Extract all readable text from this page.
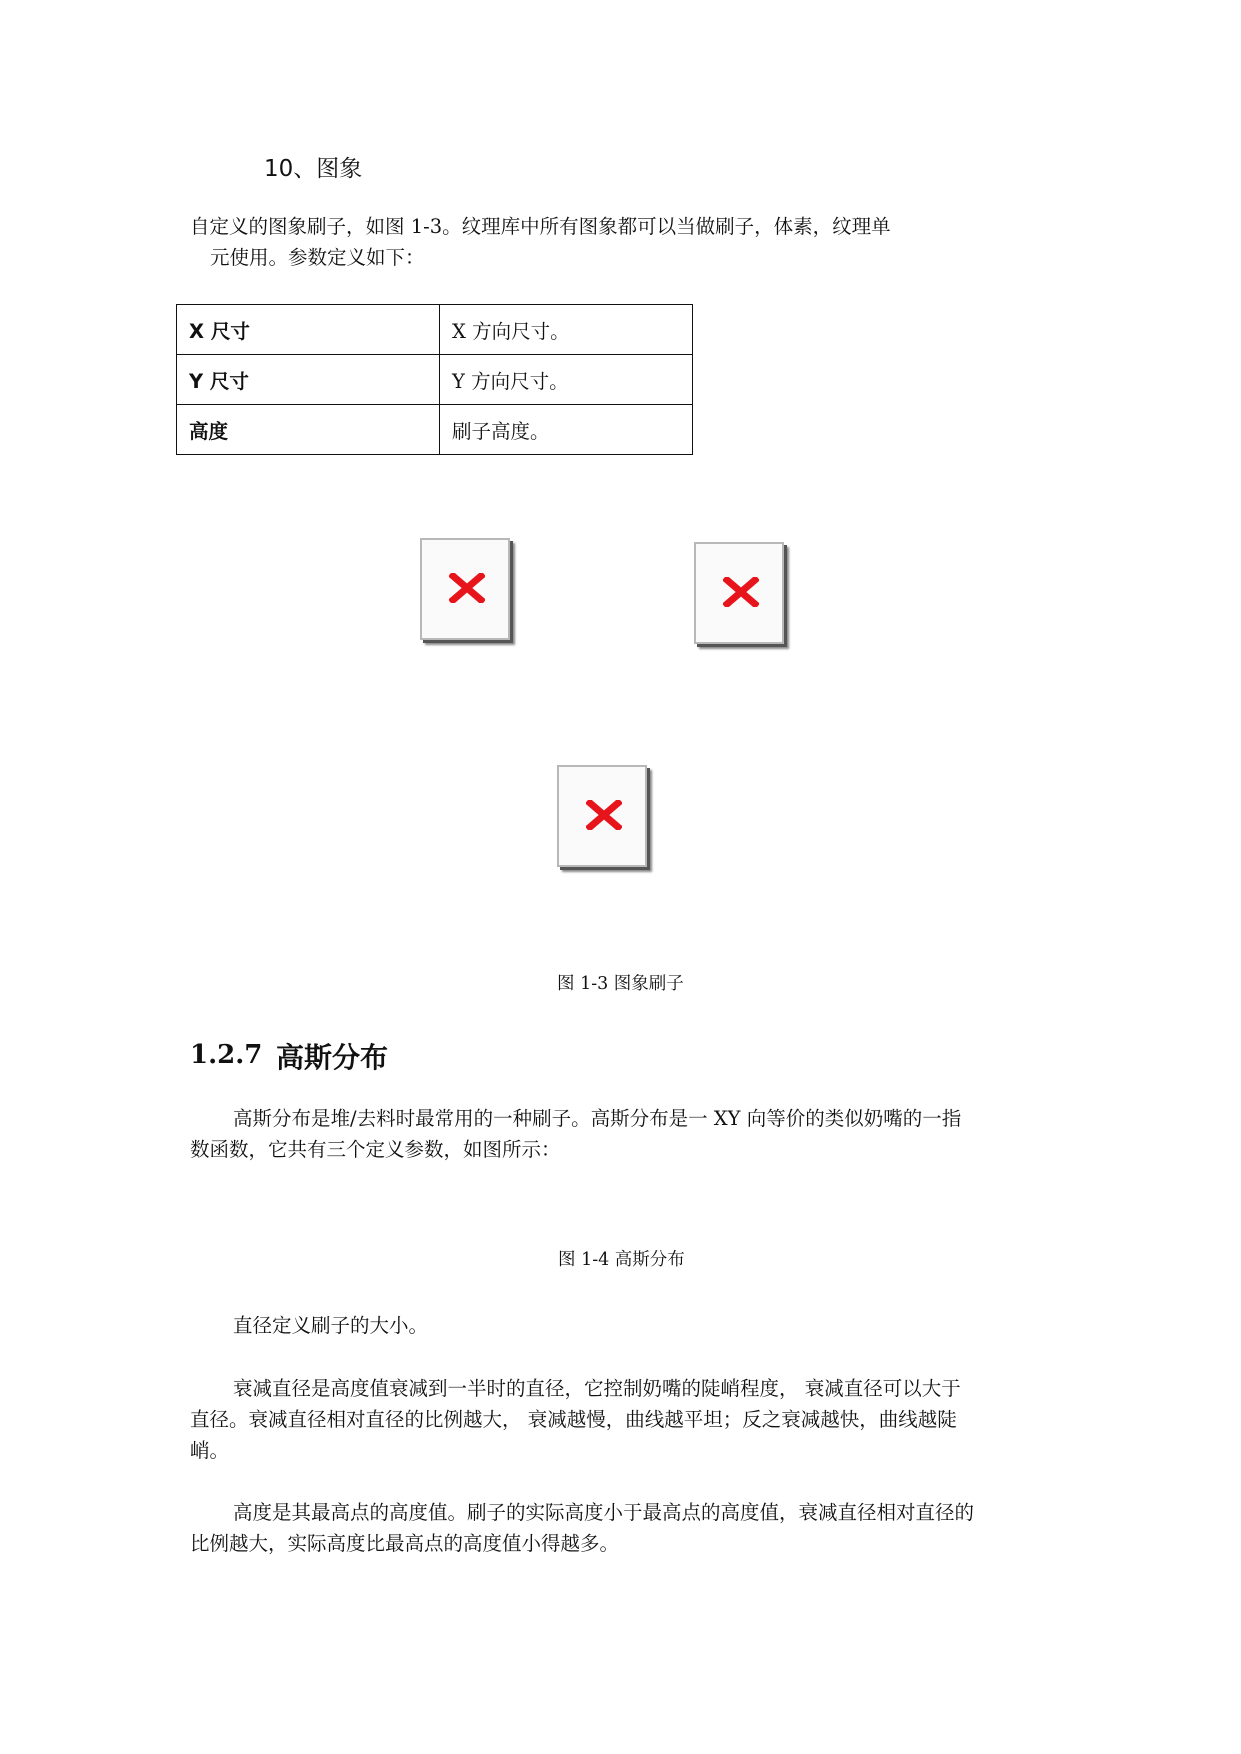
10、图象
自定义的图象刷子，如图 1-3。纹理库中所有图象都可以当做刷子，体素，纹理单
元使用。参数定义如下：
X 尺寸	X 方向尺寸。
Y 尺寸	Y 方向尺寸。
高度	刷子高度。
图 1-3 图象刷子
1.2.7 高斯分布
高斯分布是堆/去料时最常用的一种刷子。高斯分布是一 XY 向等价的类似奶嘴的一指
数函数，它共有三个定义参数，如图所示：
图 1-4 高斯分布
直径定义刷子的大小。
衰减直径是高度值衰减到一半时的直径，它控制奶嘴的陡峭程度， 衰减直径可以大于
直径。衰减直径相对直径的比例越大， 衰减越慢，曲线越平坦；反之衰减越快，曲线越陡
峭。
高度是其最高点的高度值。刷子的实际高度小于最高点的高度值，衰减直径相对直径的
比例越大，实际高度比最高点的高度值小得越多。
